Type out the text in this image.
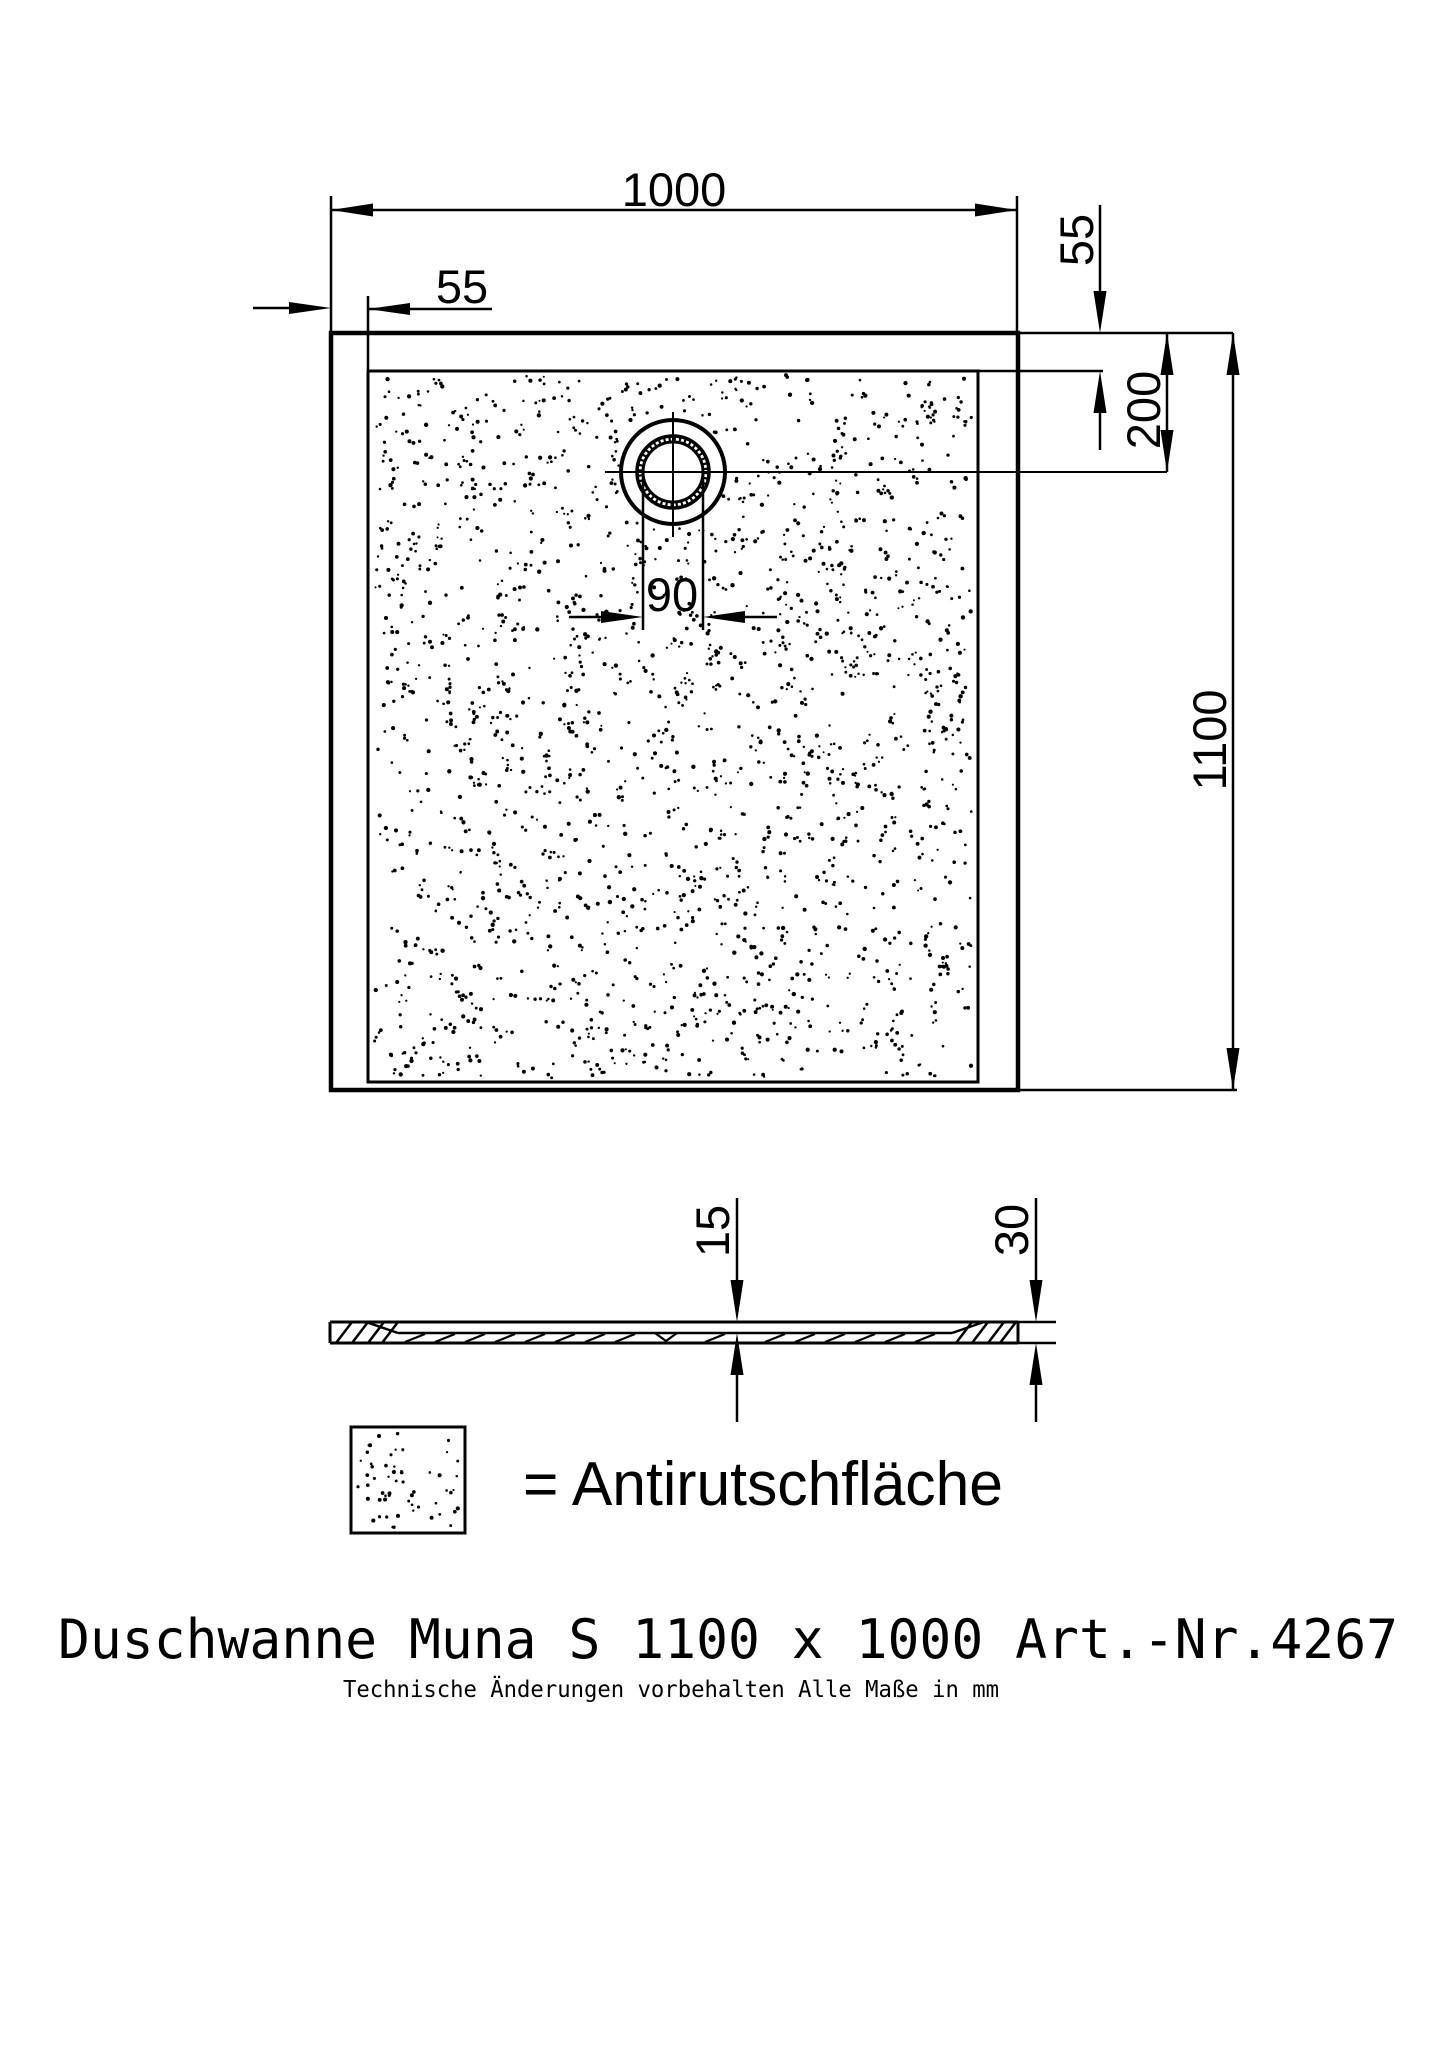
90
1000
55
55
200
1100
15	30
= Antirutschfläche
Duschwanne Muna S 1100 x 1000 Art.-Nr.4267
Technische Änderungen vorbehalten Alle Maße in mm
